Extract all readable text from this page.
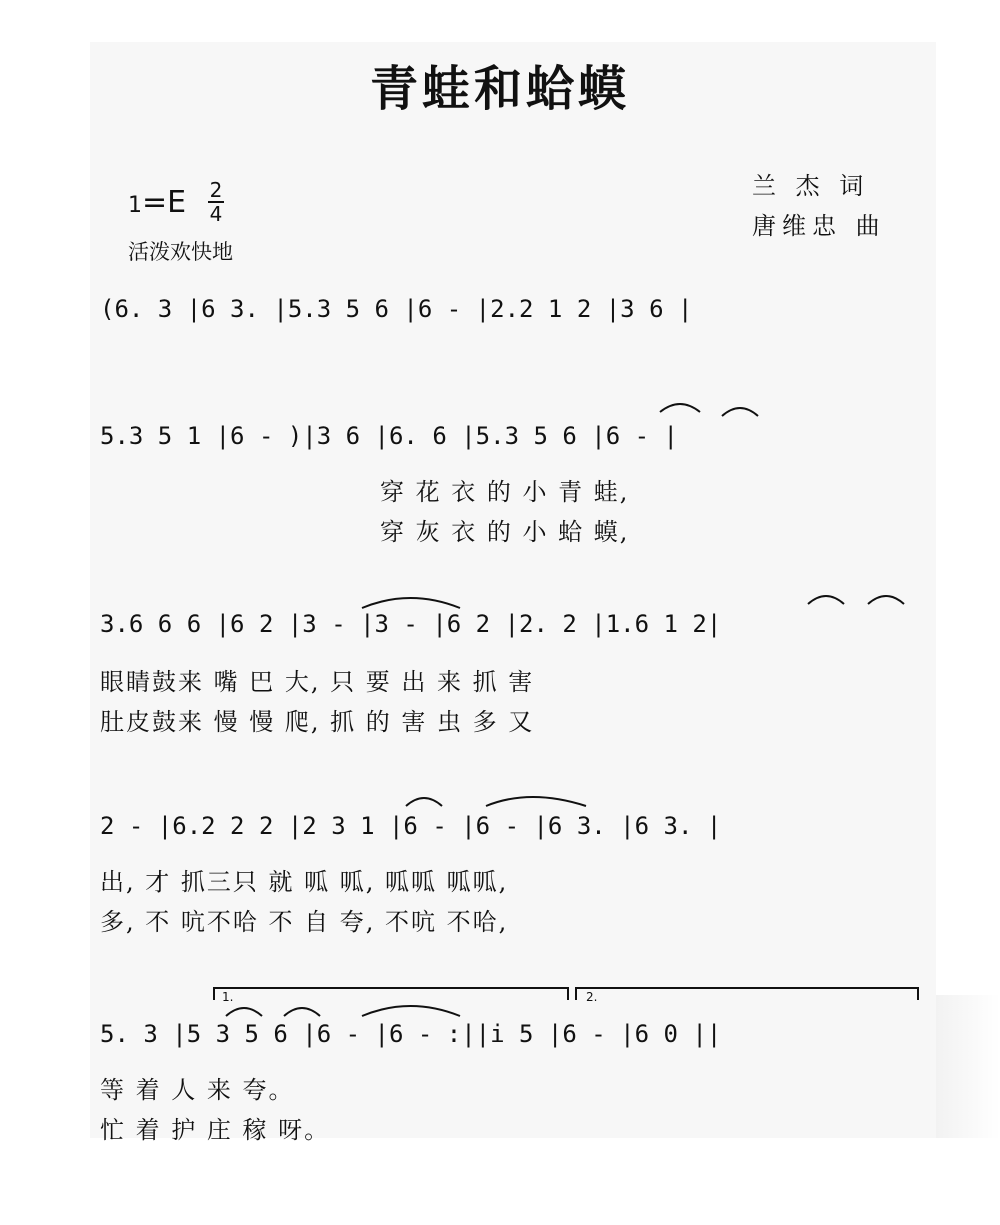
青蛙和蛤蟆
1=E 2
4
活泼欢快地
兰 杰 词
唐维忠 曲
(6. 3 |6 3. |5.3 5 6 |6 - |2.2 1 2 |3 6 |
5.3 5 1 |6 - )|3 6 |6. 6 |5.3 5 6 |6 - |
穿 花 衣 的 小 青 蛙,
穿 灰 衣 的 小 蛤 蟆,
3.6 6 6 |6 2 |3 - |3 - |6 2 |2. 2 |1.6 1 2|
眼睛鼓来 嘴 巴 大, 只 要 出 来 抓 害
肚皮鼓来 慢 慢 爬, 抓 的 害 虫 多 又
2 - |6.2 2 2 |2 3 1 |6 - |6 - |6 3. |6 3. |
出, 才 抓三只 就 呱 呱, 呱呱 呱呱,
多, 不 吭不哈 不 自 夸, 不吭 不哈,
1.	2.
5. 3 |5 3 5 6 |6 - |6 - :||i 5 |6 - |6 0 ||
等 着 人 来 夸。
忙 着 护 庄 稼 呀。
